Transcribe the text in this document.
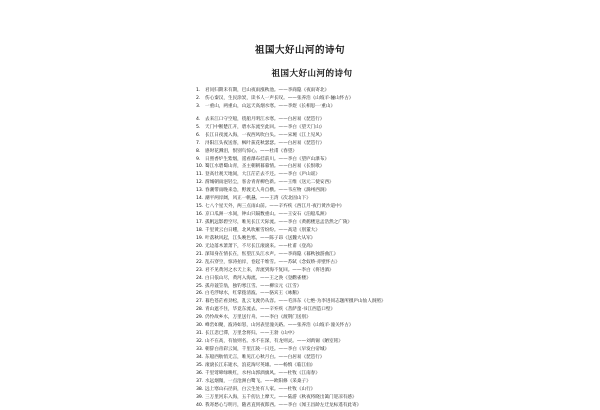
祖国大好山河的诗句
祖国大好山河的诗句
1. 君问归期未有期，巴山夜雨涨秋池。——李商隐《夜雨寄北》
2. 伤心秦汉，生民涂炭，读书人一声长叹。——张养浩《山坡羊·骊山怀古》
3. 一重山，两重山，山远天高烟水寒。——李煜《长相思·一重山》
4. 去来江口守空船，绕船月明江水寒。——白居易《琵琶行》
5. 天门中断楚江开，碧水东流至此回。——李白《望天门山》
6. 长江日夜流入海，一夜西风吹白头。——宋琬《江上见风》
7. 浔阳江头夜送客，枫叶荻花秋瑟瑟。——白居易《琵琶行》
8. 感时花溅泪，恨别鸟惊心。——杜甫《春望》
9. 日照香炉生紫烟，遥看瀑布挂前川。——李白《望庐山瀑布》
10. 蜀江水碧蜀山青，圣主朝朝暮暮情。——白居易《长恨歌》
11. 登高壮观天地间，大江茫茫去不还。——李白《庐山谣》
12. 渭城朝雨浥轻尘，客舍青青柳色新。——王维《送元二使安西》
13. 春潮带雨晚来急，野渡无人舟自横。——韦应物《滁州西涧》
14. 潮平两岸阔，风正一帆悬。——王湾《次北固山下》
15. 七八个星天外，两三点雨山前。——辛弃疾《西江月·夜行黄沙道中》
16. 京口瓜洲一水间，钟山只隔数重山。——王安石《泊船瓜洲》
17. 孤帆远影碧空尽，唯见长江天际流。——李白《黄鹤楼送孟浩然之广陵》
18. 千里黄云白日曛，北风吹雁雪纷纷。——高适《别董大》
19. 叶落秋风起，江头晚色寒。——陈子昂《送魏大从军》
20. 无边落木萧萧下，不尽长江滚滚来。——杜甫《登高》
21. 深知身在情长在，怅望江头江水声。——李商隐《暮秋独游曲江》
22. 乱石穿空，惊涛拍岸，卷起千堆雪。——苏轼《念奴娇·赤壁怀古》
23. 君不见黄河之水天上来，奔流到海不复回。——李白《将进酒》
24. 白日依山尽，黄河入海流。——王之涣《登鹳雀楼》
25. 孤舟蓑笠翁，独钓寒江雪。——柳宗元《江雪》
26. 白毛浮绿水，红掌拨清波。——骆宾王《咏鹅》
27. 暮色苍茫看劲松，乱云飞渡仍从容。——毛泽东《七绝·为李进同志题所摄庐山仙人洞照》
28. 青山遮不住，毕竟东流去。——辛弃疾《菩萨蛮·书江西造口壁》
29. 仍怜故乡水，万里送行舟。——李白《渡荆门送别》
30. 峰峦如聚，波涛如怒，山河表里潼关路。——张养浩《山坡羊·潼关怀古》
31. 长江悲已滞，万里念将归。——王勃《山中》
32. 山不在高，有仙则名。水不在深，有龙则灵。——刘禹锡《陋室铭》
33. 朝辞白帝彩云间，千里江陵一日还。——李白《早发白帝城》
34. 东船西舫悄无言，唯见江心秋月白。——白居易《琵琶行》
35. 滚滚长江东逝水，浪花淘尽英雄。——杨慎《临江仙》
36. 千里莺啼绿映红，水村山郭酒旗风。——杜牧《江南春》
37. 水远烟微，一点沧洲白鹭飞。——欧阳修《采桑子》
38. 远上寒山石径斜，白云生处有人家。——杜牧《山行》
39. 三万里河东入海，五千仞岳上摩天。——陆游《秋夜将晓出篱门迎凉有感》
40. 我寄愁心与明月，随君直到夜郎西。——李白《闻王昌龄左迁龙标遥有此寄》
